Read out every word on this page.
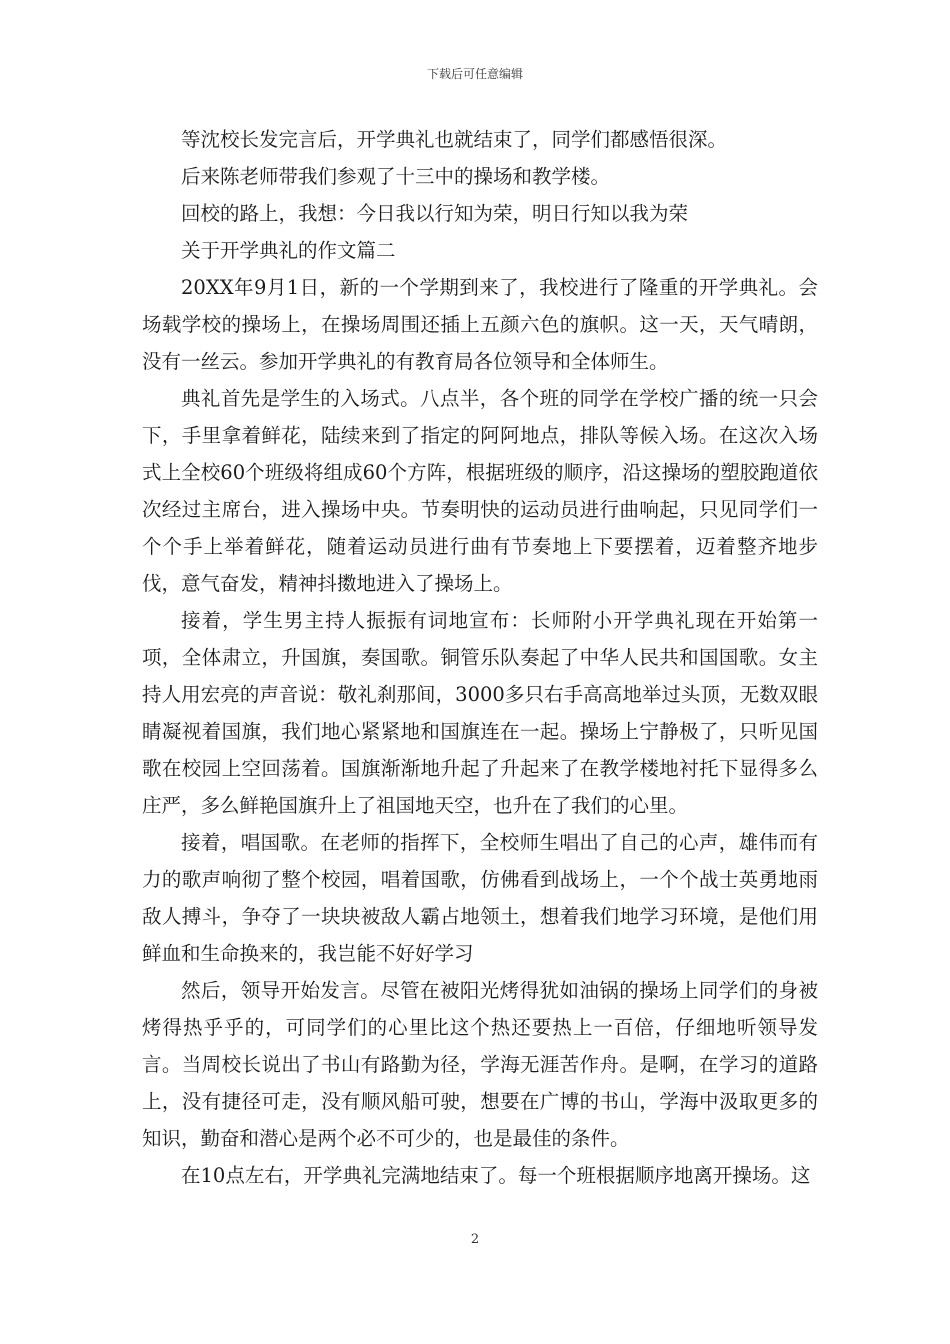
下载后可任意编辑

等沈校长发完言后，开学典礼也就结束了，同学们都感悟很深。

后来陈老师带我们参观了十三中的操场和教学楼。

回校的路上，我想：今日我以行知为荣，明日行知以我为荣

关于开学典礼的作文篇二

20XX年9月1日，新的一个学期到来了，我校进行了隆重的开学典礼。会场载学校的操场上，在操场周围还插上五颜六色的旗帜。这一天，天气晴朗，没有一丝云。参加开学典礼的有教育局各位领导和全体师生。

典礼首先是学生的入场式。八点半，各个班的同学在学校广播的统一只会下，手里拿着鲜花，陆续来到了指定的阿阿地点，排队等候入场。在这次入场式上全校60个班级将组成60个方阵，根据班级的顺序，沿这操场的塑胶跑道依次经过主席台，进入操场中央。节奏明快的运动员进行曲响起，只见同学们一个个手上举着鲜花，随着运动员进行曲有节奏地上下要摆着，迈着整齐地步伐，意气奋发，精神抖擞地进入了操场上。

接着，学生男主持人振振有词地宣布：长师附小开学典礼现在开始第一项，全体肃立，升国旗，奏国歌。铜管乐队奏起了中华人民共和国国歌。女主持人用宏亮的声音说：敬礼刹那间，3000多只右手高高地举过头顶，无数双眼睛凝视着国旗，我们地心紧紧地和国旗连在一起。操场上宁静极了，只听见国歌在校园上空回荡着。国旗渐渐地升起了升起来了在教学楼地衬托下显得多么庄严，多么鲜艳国旗升上了祖国地天空，也升在了我们的心里。

接着，唱国歌。在老师的指挥下，全校师生唱出了自己的心声，雄伟而有力的歌声响彻了整个校园，唱着国歌，仿佛看到战场上，一个个战士英勇地雨敌人搏斗，争夺了一块块被敌人霸占地领土，想着我们地学习环境，是他们用鲜血和生命换来的，我岂能不好好学习

然后，领导开始发言。尽管在被阳光烤得犹如油锅的操场上同学们的身被烤得热乎乎的，可同学们的心里比这个热还要热上一百倍，仔细地听领导发言。当周校长说出了书山有路勤为径，学海无涯苦作舟。是啊，在学习的道路上，没有捷径可走，没有顺风船可驶，想要在广博的书山，学海中汲取更多的知识，勤奋和潜心是两个必不可少的，也是最佳的条件。

在10点左右，开学典礼完满地结束了。每一个班根据顺序地离开操场。这

2
